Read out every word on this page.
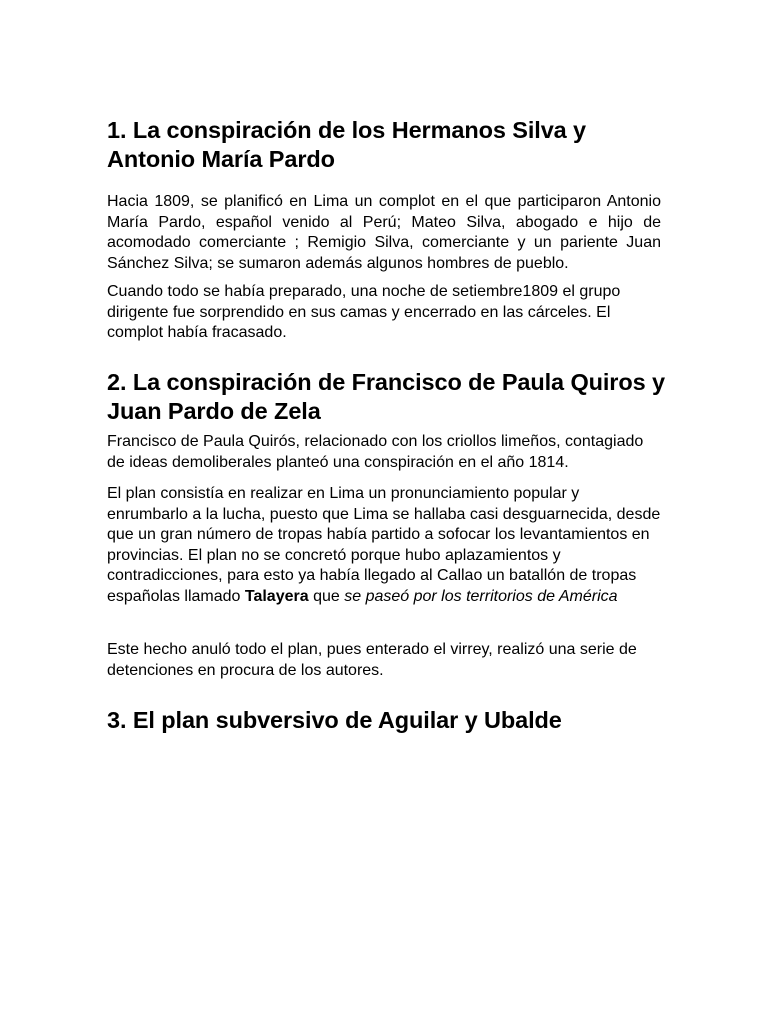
1. La conspiración de los Hermanos Silva y Antonio María Pardo

Hacia 1809, se planificó en Lima un complot en el que participaron Antonio María Pardo, español venido al Perú; Mateo Silva, abogado e hijo de acomodado comerciante ; Remigio Silva, comerciante y un pariente Juan Sánchez Silva; se sumaron además algunos hombres de pueblo.

Cuando todo se había preparado, una noche de setiembre1809 el grupo dirigente fue sorprendido en sus camas y encerrado en las cárceles. El complot había fracasado.

2. La conspiración de Francisco de Paula Quiros y Juan Pardo de Zela

Francisco de Paula Quirós, relacionado con los criollos limeños, contagiado de ideas demoliberales planteó una conspiración en el año 1814.

El plan consistía en realizar en Lima un pronunciamiento popular y enrumbarlo a la lucha, puesto que Lima se hallaba casi desguarnecida, desde que un gran número de tropas había partido a sofocar los levantamientos en provincias. El plan no se concretó porque hubo aplazamientos y contradicciones, para esto ya había llegado al Callao un batallón de tropas españolas llamado Talayera que se paseó por los territorios de América

Este hecho anuló todo el plan, pues enterado el virrey, realizó una serie de detenciones en procura de los autores.

3. El plan subversivo de Aguilar y Ubalde
